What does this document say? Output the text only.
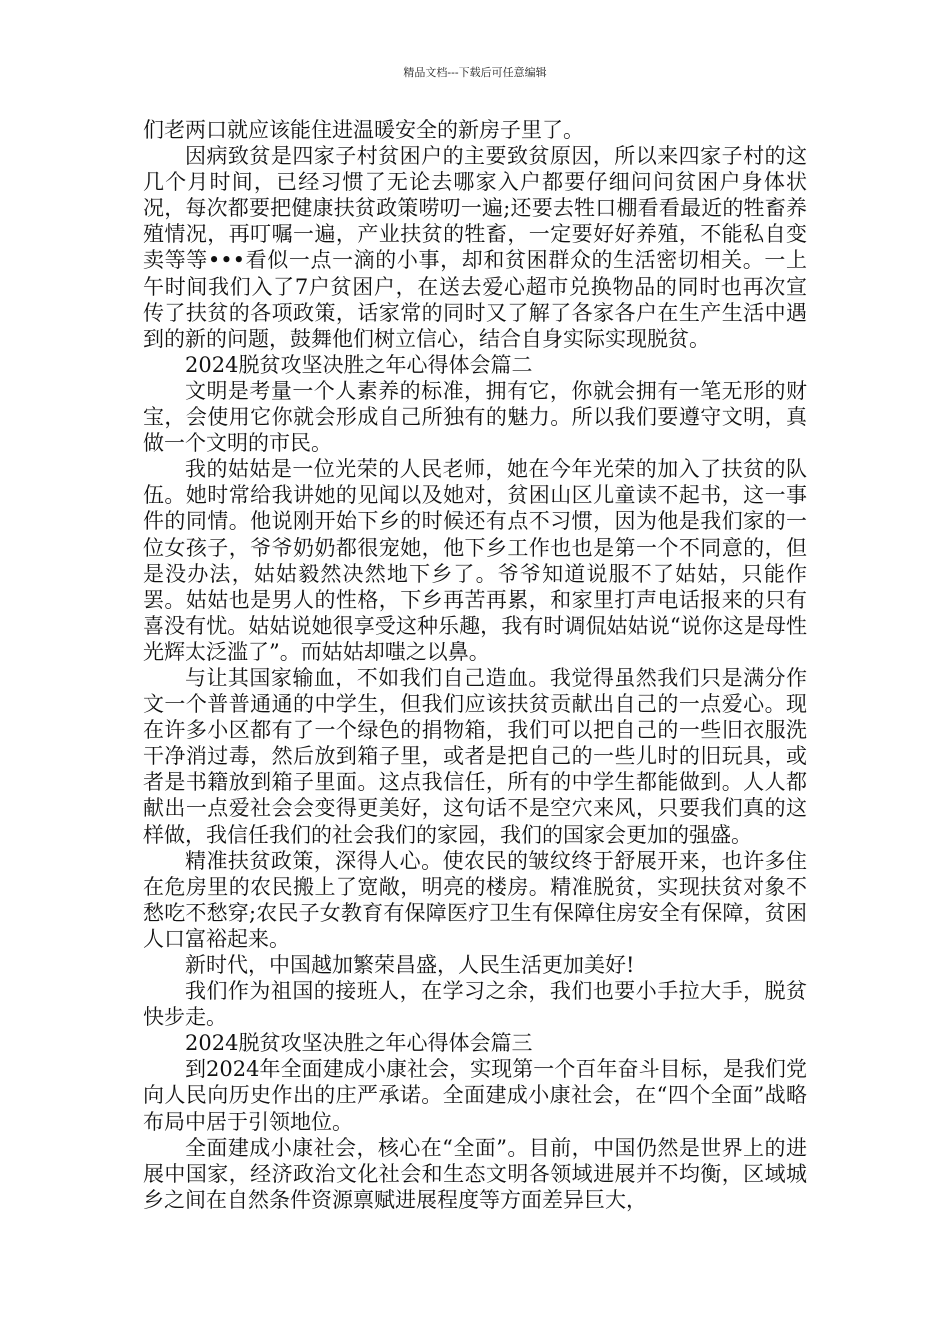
精品文档---下载后可任意编辑

们老两口就应该能住进温暖安全的新房子里了。

因病致贫是四家子村贫困户的主要致贫原因，所以来四家子村的这几个月时间，已经习惯了无论去哪家入户都要仔细问问贫困户身体状况，每次都要把健康扶贫政策唠叨一遍;还要去牲口棚看看最近的牲畜养殖情况，再叮嘱一遍，产业扶贫的牲畜，一定要好好养殖，不能私自变卖等等•••看似一点一滴的小事，却和贫困群众的生活密切相关。一上午时间我们入了7户贫困户，在送去爱心超市兑换物品的同时也再次宣传了扶贫的各项政策，话家常的同时又了解了各家各户在生产生活中遇到的新的问题，鼓舞他们树立信心，结合自身实际实现脱贫。

2024脱贫攻坚决胜之年心得体会篇二

文明是考量一个人素养的标准，拥有它，你就会拥有一笔无形的财宝，会使用它你就会形成自己所独有的魅力。所以我们要遵守文明，真做一个文明的市民。

我的姑姑是一位光荣的人民老师，她在今年光荣的加入了扶贫的队伍。她时常给我讲她的见闻以及她对，贫困山区儿童读不起书，这一事件的同情。他说刚开始下乡的时候还有点不习惯，因为他是我们家的一位女孩子，爷爷奶奶都很宠她，他下乡工作也也是第一个不同意的，但是没办法，姑姑毅然决然地下乡了。爷爷知道说服不了姑姑，只能作罢。姑姑也是男人的性格，下乡再苦再累，和家里打声电话报来的只有喜没有忧。姑姑说她很享受这种乐趣，我有时调侃姑姑说“说你这是母性光辉太泛滥了”。而姑姑却嗤之以鼻。

与让其国家输血，不如我们自己造血。我觉得虽然我们只是满分作文一个普普通通的中学生，但我们应该扶贫贡献出自己的一点爱心。现在许多小区都有了一个绿色的捐物箱，我们可以把自己的一些旧衣服洗干净消过毒，然后放到箱子里，或者是把自己的一些儿时的旧玩具，或者是书籍放到箱子里面。这点我信任，所有的中学生都能做到。人人都献出一点爱社会会变得更美好，这句话不是空穴来风，只要我们真的这样做，我信任我们的社会我们的家园，我们的国家会更加的强盛。

精准扶贫政策，深得人心。使农民的皱纹终于舒展开来，也许多住在危房里的农民搬上了宽敞，明亮的楼房。精准脱贫，实现扶贫对象不愁吃不愁穿;农民子女教育有保障医疗卫生有保障住房安全有保障，贫困人口富裕起来。

新时代，中国越加繁荣昌盛，人民生活更加美好!

我们作为祖国的接班人，在学习之余，我们也要小手拉大手，脱贫快步走。

2024脱贫攻坚决胜之年心得体会篇三

到2024年全面建成小康社会，实现第一个百年奋斗目标，是我们党向人民向历史作出的庄严承诺。全面建成小康社会，在“四个全面”战略布局中居于引领地位。

全面建成小康社会，核心在“全面”。目前，中国仍然是世界上的进展中国家，经济政治文化社会和生态文明各领域进展并不均衡，区域城乡之间在自然条件资源禀赋进展程度等方面差异巨大，
